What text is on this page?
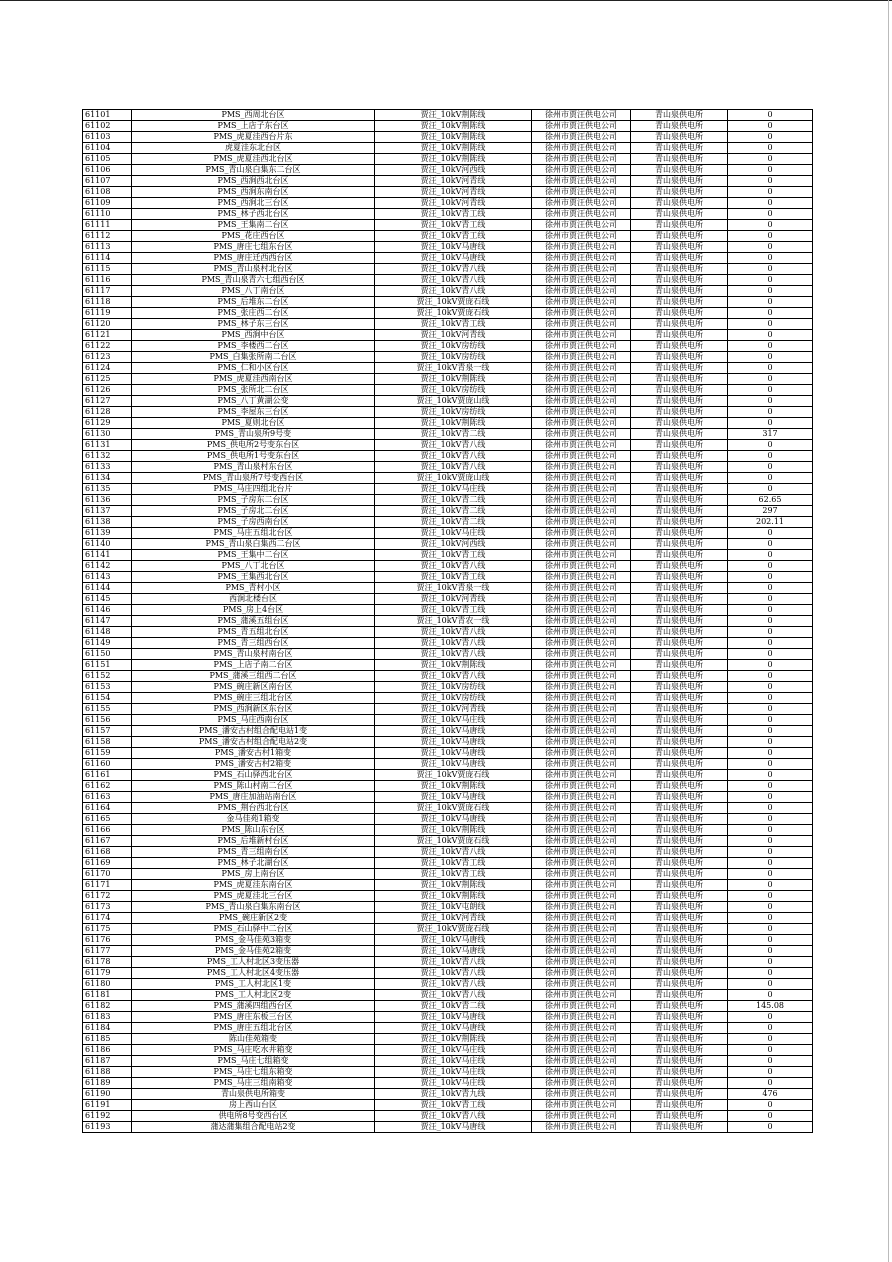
61101	PMS_西周北台区	贾汪_10kV荆陈线	徐州市贾汪供电公司	青山泉供电所	0
61102	PMS_上店子东台区	贾汪_10kV荆陈线	徐州市贾汪供电公司	青山泉供电所	0
61103	PMS_虎夏洼西台片东	贾汪_10kV荆陈线	徐州市贾汪供电公司	青山泉供电所	0
61104	虎夏洼东北台区	贾汪_10kV荆陈线	徐州市贾汪供电公司	青山泉供电所	0
61105	PMS_虎夏洼西北台区	贾汪_10kV荆陈线	徐州市贾汪供电公司	青山泉供电所	0
61106	PMS_青山泉白集东二台区	贾汪_10kV河西线	徐州市贾汪供电公司	青山泉供电所	0
61107	PMS_西涧西北台区	贾汪_10kV河青线	徐州市贾汪供电公司	青山泉供电所	0
61108	PMS_西涧东南台区	贾汪_10kV河青线	徐州市贾汪供电公司	青山泉供电所	0
61109	PMS_西涧北三台区	贾汪_10kV河青线	徐州市贾汪供电公司	青山泉供电所	0
61110	PMS_林子西北台区	贾汪_10kV青工线	徐州市贾汪供电公司	青山泉供电所	0
61111	PMS_王集南二台区	贾汪_10kV青工线	徐州市贾汪供电公司	青山泉供电所	0
61112	PMS_花庄西台区	贾汪_10kV青工线	徐州市贾汪供电公司	青山泉供电所	0
61113	PMS_唐庄七组东台区	贾汪_10kV马唐线	徐州市贾汪供电公司	青山泉供电所	0
61114	PMS_唐庄迁西西台区	贾汪_10kV马唐线	徐州市贾汪供电公司	青山泉供电所	0
61115	PMS_青山泉村北台区	贾汪_10kV青八线	徐州市贾汪供电公司	青山泉供电所	0
61116	PMS_青山泉青六七组西台区	贾汪_10kV青八线	徐州市贾汪供电公司	青山泉供电所	0
61117	PMS_八丁南台区	贾汪_10kV青八线	徐州市贾汪供电公司	青山泉供电所	0
61118	PMS_后堆东二台区	贾汪_10kV贾庞石线	徐州市贾汪供电公司	青山泉供电所	0
61119	PMS_张庄西二台区	贾汪_10kV贾庞石线	徐州市贾汪供电公司	青山泉供电所	0
61120	PMS_林子东三台区	贾汪_10kV青工线	徐州市贾汪供电公司	青山泉供电所	0
61121	PMS_西涧中台区	贾汪_10kV河青线	徐州市贾汪供电公司	青山泉供电所	0
61122	PMS_李楼西二台区	贾汪_10kV房纺线	徐州市贾汪供电公司	青山泉供电所	0
61123	PMS_白集张所南二台区	贾汪_10kV房纺线	徐州市贾汪供电公司	青山泉供电所	0
61124	PMS_仁和小区台区	贾汪_10kV青泉一线	徐州市贾汪供电公司	青山泉供电所	0
61125	PMS_虎夏洼西南台区	贾汪_10kV荆陈线	徐州市贾汪供电公司	青山泉供电所	0
61126	PMS_张所北二台区	贾汪_10kV房纺线	徐州市贾汪供电公司	青山泉供电所	0
61127	PMS_八丁黄湖公变	贾汪_10kV贾庞山线	徐州市贾汪供电公司	青山泉供电所	0
61128	PMS_李屋东三台区	贾汪_10kV房纺线	徐州市贾汪供电公司	青山泉供电所	0
61129	PMS_夏则北台区	贾汪_10kV荆陈线	徐州市贾汪供电公司	青山泉供电所	0
61130	PMS_青山泉所9号变	贾汪_10kV青二线	徐州市贾汪供电公司	青山泉供电所	317
61131	PMS_供电所2号变东台区	贾汪_10kV青八线	徐州市贾汪供电公司	青山泉供电所	0
61132	PMS_供电所1号变东台区	贾汪_10kV青八线	徐州市贾汪供电公司	青山泉供电所	0
61133	PMS_青山泉村东台区	贾汪_10kV青八线	徐州市贾汪供电公司	青山泉供电所	0
61134	PMS_青山泉所7号变西台区	贾汪_10kV贾庞山线	徐州市贾汪供电公司	青山泉供电所	0
61135	PMS_马庄四组北台片	贾汪_10kV马庄线	徐州市贾汪供电公司	青山泉供电所	0
61136	PMS_子房东二台区	贾汪_10kV青二线	徐州市贾汪供电公司	青山泉供电所	62.65
61137	PMS_子房北二台区	贾汪_10kV青二线	徐州市贾汪供电公司	青山泉供电所	297
61138	PMS_子房西南台区	贾汪_10kV青二线	徐州市贾汪供电公司	青山泉供电所	202.11
61139	PMS_马庄五组北台区	贾汪_10kV马庄线	徐州市贾汪供电公司	青山泉供电所	0
61140	PMS_青山泉白集西二台区	贾汪_10kV河西线	徐州市贾汪供电公司	青山泉供电所	0
61141	PMS_王集中二台区	贾汪_10kV青工线	徐州市贾汪供电公司	青山泉供电所	0
61142	PMS_八丁北台区	贾汪_10kV青八线	徐州市贾汪供电公司	青山泉供电所	0
61143	PMS_王集西北台区	贾汪_10kV青工线	徐州市贾汪供电公司	青山泉供电所	0
61144	PMS_青村小区	贾汪_10kV青泉一线	徐州市贾汪供电公司	青山泉供电所	0
61145	西涧北楼台区	贾汪_10kV河青线	徐州市贾汪供电公司	青山泉供电所	0
61146	PMS_房上4台区	贾汪_10kV青工线	徐州市贾汪供电公司	青山泉供电所	0
61147	PMS_蒲溪五组台区	贾汪_10kV青农一线	徐州市贾汪供电公司	青山泉供电所	0
61148	PMS_青五组北台区	贾汪_10kV青八线	徐州市贾汪供电公司	青山泉供电所	0
61149	PMS_青三组西台区	贾汪_10kV青八线	徐州市贾汪供电公司	青山泉供电所	0
61150	PMS_青山泉村南台区	贾汪_10kV青八线	徐州市贾汪供电公司	青山泉供电所	0
61151	PMS_上店子南二台区	贾汪_10kV荆陈线	徐州市贾汪供电公司	青山泉供电所	0
61152	PMS_蒲溪三组西二台区	贾汪_10kV青八线	徐州市贾汪供电公司	青山泉供电所	0
61153	PMS_碗庄新区南台区	贾汪_10kV房纺线	徐州市贾汪供电公司	青山泉供电所	0
61154	PMS_碗庄三组北台区	贾汪_10kV房纺线	徐州市贾汪供电公司	青山泉供电所	0
61155	PMS_西涧新区东台区	贾汪_10kV河青线	徐州市贾汪供电公司	青山泉供电所	0
61156	PMS_马庄西南台区	贾汪_10kV马庄线	徐州市贾汪供电公司	青山泉供电所	0
61157	PMS_潘安古村组合配电站1变	贾汪_10kV马唐线	徐州市贾汪供电公司	青山泉供电所	0
61158	PMS_潘安古村组合配电站2变	贾汪_10kV马唐线	徐州市贾汪供电公司	青山泉供电所	0
61159	PMS_潘安古村1箱变	贾汪_10kV马唐线	徐州市贾汪供电公司	青山泉供电所	0
61160	PMS_潘安古村2箱变	贾汪_10kV马唐线	徐州市贾汪供电公司	青山泉供电所	0
61161	PMS_石山驿西北台区	贾汪_10kV贾庞石线	徐州市贾汪供电公司	青山泉供电所	0
61162	PMS_陈山村南二台区	贾汪_10kV荆陈线	徐州市贾汪供电公司	青山泉供电所	0
61163	PMS_唐庄加油站南台区	贾汪_10kV马唐线	徐州市贾汪供电公司	青山泉供电所	0
61164	PMS_荆台西北台区	贾汪_10kV贾庞石线	徐州市贾汪供电公司	青山泉供电所	0
61165	金马佳苑1箱变	贾汪_10kV马唐线	徐州市贾汪供电公司	青山泉供电所	0
61166	PMS_陈山东台区	贾汪_10kV荆陈线	徐州市贾汪供电公司	青山泉供电所	0
61167	PMS_后堆新村台区	贾汪_10kV贾庞石线	徐州市贾汪供电公司	青山泉供电所	0
61168	PMS_青三组南台区	贾汪_10kV青八线	徐州市贾汪供电公司	青山泉供电所	0
61169	PMS_林子北湖台区	贾汪_10kV青工线	徐州市贾汪供电公司	青山泉供电所	0
61170	PMS_房上南台区	贾汪_10kV青工线	徐州市贾汪供电公司	青山泉供电所	0
61171	PMS_虎夏洼东南台区	贾汪_10kV荆陈线	徐州市贾汪供电公司	青山泉供电所	0
61172	PMS_虎夏洼北三台区	贾汪_10kV荆陈线	徐州市贾汪供电公司	青山泉供电所	0
61173	PMS_青山泉白集东南台区	贾汪_10kV屯朗线	徐州市贾汪供电公司	青山泉供电所	0
61174	PMS_碗庄新区2变	贾汪_10kV河青线	徐州市贾汪供电公司	青山泉供电所	0
61175	PMS_石山驿中二台区	贾汪_10kV贾庞石线	徐州市贾汪供电公司	青山泉供电所	0
61176	PMS_金马佳苑3箱变	贾汪_10kV马唐线	徐州市贾汪供电公司	青山泉供电所	0
61177	PMS_金马佳苑2箱变	贾汪_10kV马唐线	徐州市贾汪供电公司	青山泉供电所	0
61178	PMS_工人村北区3变压器	贾汪_10kV青八线	徐州市贾汪供电公司	青山泉供电所	0
61179	PMS_工人村北区4变压器	贾汪_10kV青八线	徐州市贾汪供电公司	青山泉供电所	0
61180	PMS_工人村北区1变	贾汪_10kV青八线	徐州市贾汪供电公司	青山泉供电所	0
61181	PMS_工人村北区2变	贾汪_10kV青八线	徐州市贾汪供电公司	青山泉供电所	0
61182	PMS_蒲溪四组西台区	贾汪_10kV青二线	徐州市贾汪供电公司	青山泉供电所	145.08
61183	PMS_唐庄东板三台区	贾汪_10kV马唐线	徐州市贾汪供电公司	青山泉供电所	0
61184	PMS_唐庄五组北台区	贾汪_10kV马唐线	徐州市贾汪供电公司	青山泉供电所	0
61185	陈山佳苑箱变	贾汪_10kV荆陈线	徐州市贾汪供电公司	青山泉供电所	0
61186	PMS_马庄吃水井箱变	贾汪_10kV马庄线	徐州市贾汪供电公司	青山泉供电所	0
61187	PMS_马庄七组箱变	贾汪_10kV马庄线	徐州市贾汪供电公司	青山泉供电所	0
61188	PMS_马庄七组东箱变	贾汪_10kV马庄线	徐州市贾汪供电公司	青山泉供电所	0
61189	PMS_马庄三组南箱变	贾汪_10kV马庄线	徐州市贾汪供电公司	青山泉供电所	0
61190	青山泉供电所箱变	贾汪_10kV青九线	徐州市贾汪供电公司	青山泉供电所	476
61191	房上西山台区	贾汪_10kV青工线	徐州市贾汪供电公司	青山泉供电所	0
61192	供电所8号变西台区	贾汪_10kV青八线	徐州市贾汪供电公司	青山泉供电所	0
61193	蒲达蒲集组合配电站2变	贾汪_10kV马唐线	徐州市贾汪供电公司	青山泉供电所	0
